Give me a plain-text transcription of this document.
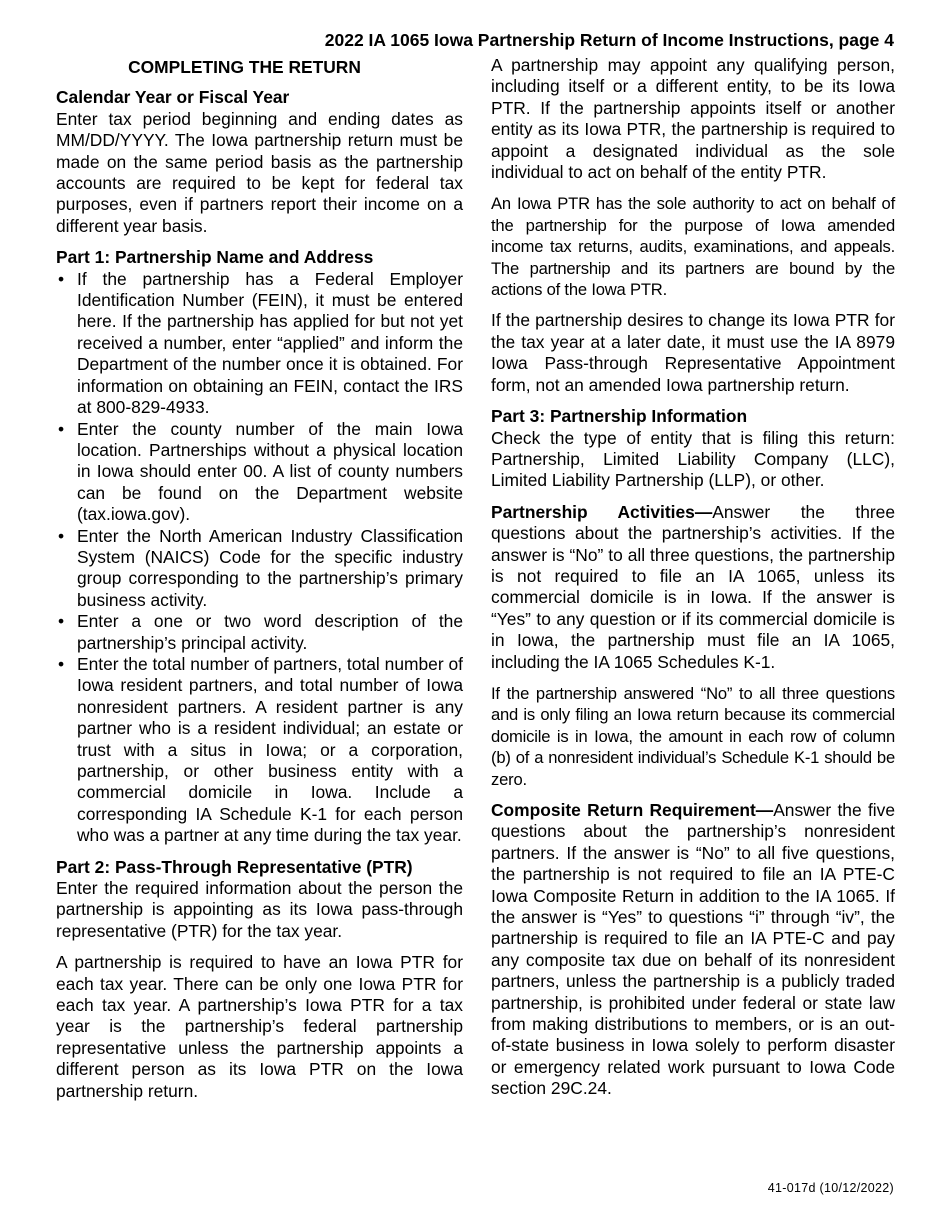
2022 IA 1065 Iowa Partnership Return of Income Instructions, page 4
COMPLETING THE RETURN
Calendar Year or Fiscal Year

Enter tax period beginning and ending dates as MM/DD/YYYY. The Iowa partnership return must be made on the same period basis as the partnership accounts are required to be kept for federal tax purposes, even if partners report their income on a different year basis.

Part 1: Partnership Name and Address
• If the partnership has a Federal Employer Identification Number (FEIN), it must be entered here. If the partnership has applied for but not yet received a number, enter “applied” and inform the Department of the number once it is obtained. For information on obtaining an FEIN, contact the IRS at 800-829-4933.
• Enter the county number of the main Iowa location. Partnerships without a physical location in Iowa should enter 00. A list of county numbers can be found on the Department website (tax.iowa.gov).
• Enter the North American Industry Classification System (NAICS) Code for the specific industry group corresponding to the partnership’s primary business activity.
• Enter a one or two word description of the partnership’s principal activity.
• Enter the total number of partners, total number of Iowa resident partners, and total number of Iowa nonresident partners. A resident partner is any partner who is a resident individual; an estate or trust with a situs in Iowa; or a corporation, partnership, or other business entity with a commercial domicile in Iowa. Include a corresponding IA Schedule K-1 for each person who was a partner at any time during the tax year.
Part 2: Pass-Through Representative (PTR)

Enter the required information about the person the partnership is appointing as its Iowa pass-through representative (PTR) for the tax year.

A partnership is required to have an Iowa PTR for each tax year. There can be only one Iowa PTR for each tax year. A partnership’s Iowa PTR for a tax year is the partnership’s federal partnership representative unless the partnership appoints a different person as its Iowa PTR on the Iowa partnership return.

A partnership may appoint any qualifying person, including itself or a different entity, to be its Iowa PTR. If the partnership appoints itself or another entity as its Iowa PTR, the partnership is required to appoint a designated individual as the sole individual to act on behalf of the entity PTR.

An Iowa PTR has the sole authority to act on behalf of the partnership for the purpose of Iowa amended income tax returns, audits, examinations, and appeals. The partnership and its partners are bound by the actions of the Iowa PTR.

If the partnership desires to change its Iowa PTR for the tax year at a later date, it must use the IA 8979 Iowa Pass-through Representative Appointment form, not an amended Iowa partnership return.

Part 3: Partnership Information

Check the type of entity that is filing this return: Partnership, Limited Liability Company (LLC), Limited Liability Partnership (LLP), or other.

Partnership Activities—Answer the three questions about the partnership’s activities. If the answer is “No” to all three questions, the partnership is not required to file an IA 1065, unless its commercial domicile is in Iowa. If the answer is “Yes” to any question or if its commercial domicile is in Iowa, the partnership must file an IA 1065, including the IA 1065 Schedules K-1.

If the partnership answered “No” to all three questions and is only filing an Iowa return because its commercial domicile is in Iowa, the amount in each row of column (b) of a nonresident individual’s Schedule K-1 should be zero.

Composite Return Requirement—Answer the five questions about the partnership’s nonresident partners. If the answer is “No” to all five questions, the partnership is not required to file an IA PTE-C Iowa Composite Return in addition to the IA 1065. If the answer is “Yes” to questions “i” through “iv”, the partnership is required to file an IA PTE-C and pay any composite tax due on behalf of its nonresident partners, unless the partnership is a publicly traded partnership, is prohibited under federal or state law from making distributions to members, or is an out-of-state business in Iowa solely to perform disaster or emergency related work pursuant to Iowa Code section 29C.24.

41-017d (10/12/2022)
